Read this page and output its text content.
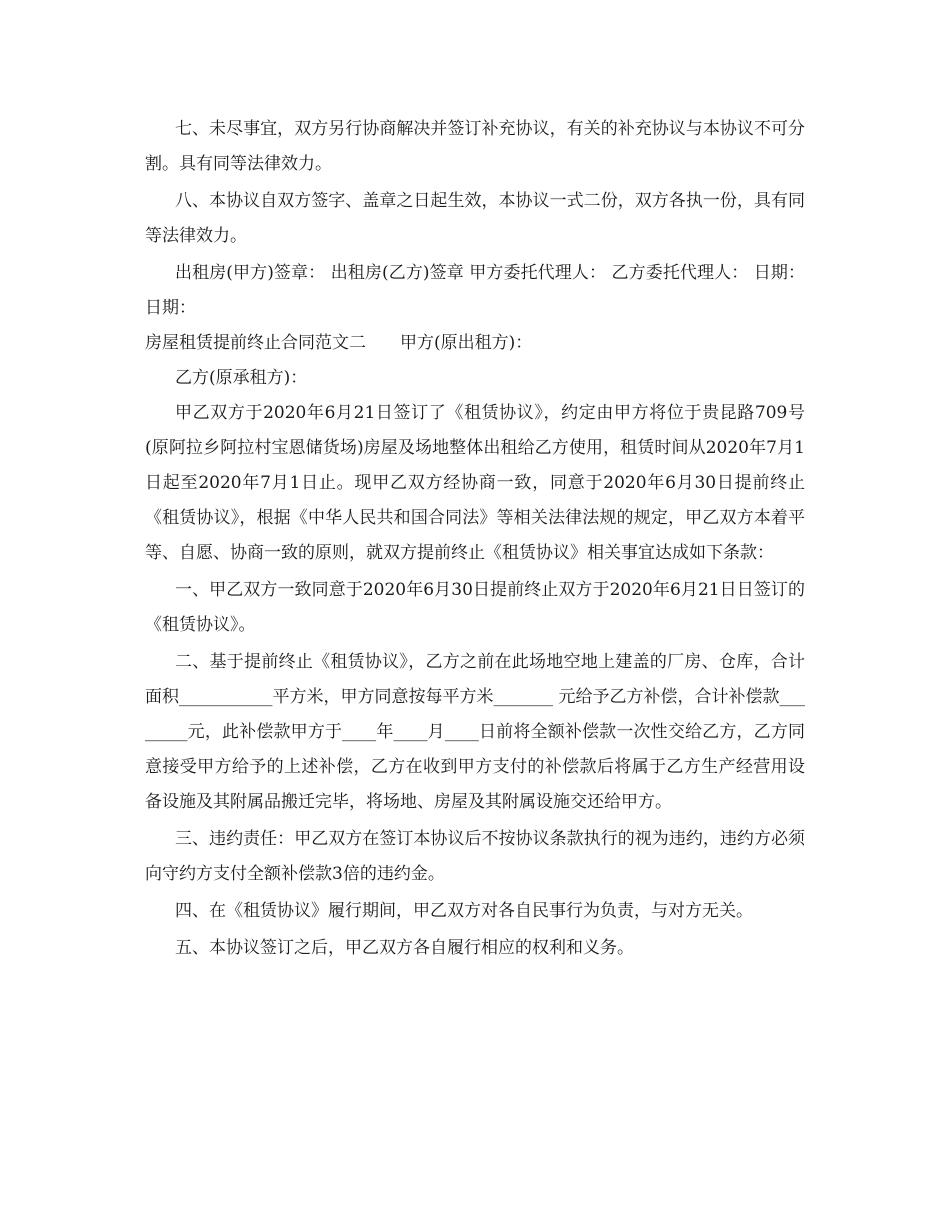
七、未尽事宜，双方另行协商解决并签订补充协议，有关的补充协议与本协议不可分割。具有同等法律效力。

八、本协议自双方签字、盖章之日起生效，本协议一式二份，双方各执一份，具有同等法律效力。

出租房(甲方)签章： 出租房(乙方)签章 甲方委托代理人： 乙方委托代理人： 日期： 日期：

房屋租赁提前终止合同范文二　　甲方(原出租方)：

乙方(原承租方)：

甲乙双方于2020年6月21日签订了《租赁协议》，约定由甲方将位于贵昆路709号(原阿拉乡阿拉村宝恩储货场)房屋及场地整体出租给乙方使用，租赁时间从2020年7月1日起至2020年7月1日止。现甲乙双方经协商一致，同意于2020年6月30日提前终止《租赁协议》，根据《中华人民共和国合同法》等相关法律法规的规定，甲乙双方本着平等、自愿、协商一致的原则，就双方提前终止《租赁协议》相关事宜达成如下条款：

一、甲乙双方一致同意于2020年6月30日提前终止双方于2020年6月21日日签订的《租赁协议》。

二、基于提前终止《租赁协议》，乙方之前在此场地空地上建盖的厂房、仓库，合计面积___________平方米，甲方同意按每平方米_______ 元给予乙方补偿，合计补偿款________元，此补偿款甲方于____年____月____日前将全额补偿款一次性交给乙方，乙方同意接受甲方给予的上述补偿，乙方在收到甲方支付的补偿款后将属于乙方生产经营用设备设施及其附属品搬迁完毕，将场地、房屋及其附属设施交还给甲方。

三、违约责任：甲乙双方在签订本协议后不按协议条款执行的视为违约，违约方必须向守约方支付全额补偿款3倍的违约金。

四、在《租赁协议》履行期间，甲乙双方对各自民事行为负责，与对方无关。

五、本协议签订之后，甲乙双方各自履行相应的权利和义务。
